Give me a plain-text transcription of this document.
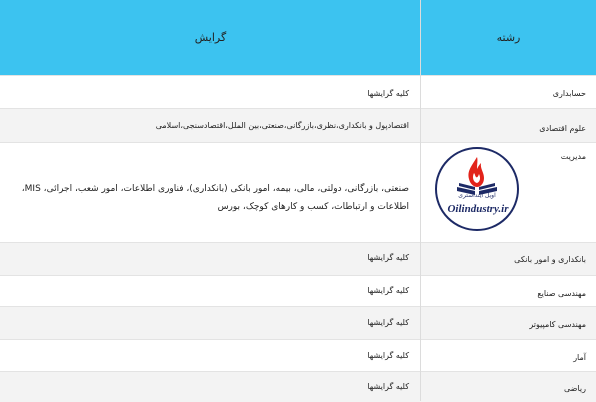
رشته
گرایش
حسابداری
کلیه گرایشها
علوم اقتصادی
اقتصادپول و بانکداری،نظری،بازرگانی،صنعتی،بین الملل،اقتصادسنجی،اسلامی
مدیریت
صنعتی، بازرگانی، دولتی، مالی، بیمه، امور بانکی (بانکداری)، فناوری اطلاعات، امور شعب، اجرائی، MIS، اطلاعات و ارتباطات، کسب و کارهای کوچک، بورس
بانکداری و امور بانکی
کلیه گرایشها
مهندسی صنایع
کلیه گرایشها
مهندسی کامپیوتر
کلیه گرایشها
آمار
کلیه گرایشها
ریاضی
کلیه گرایشها
اویل اینداستری
Oilindustry.ir
